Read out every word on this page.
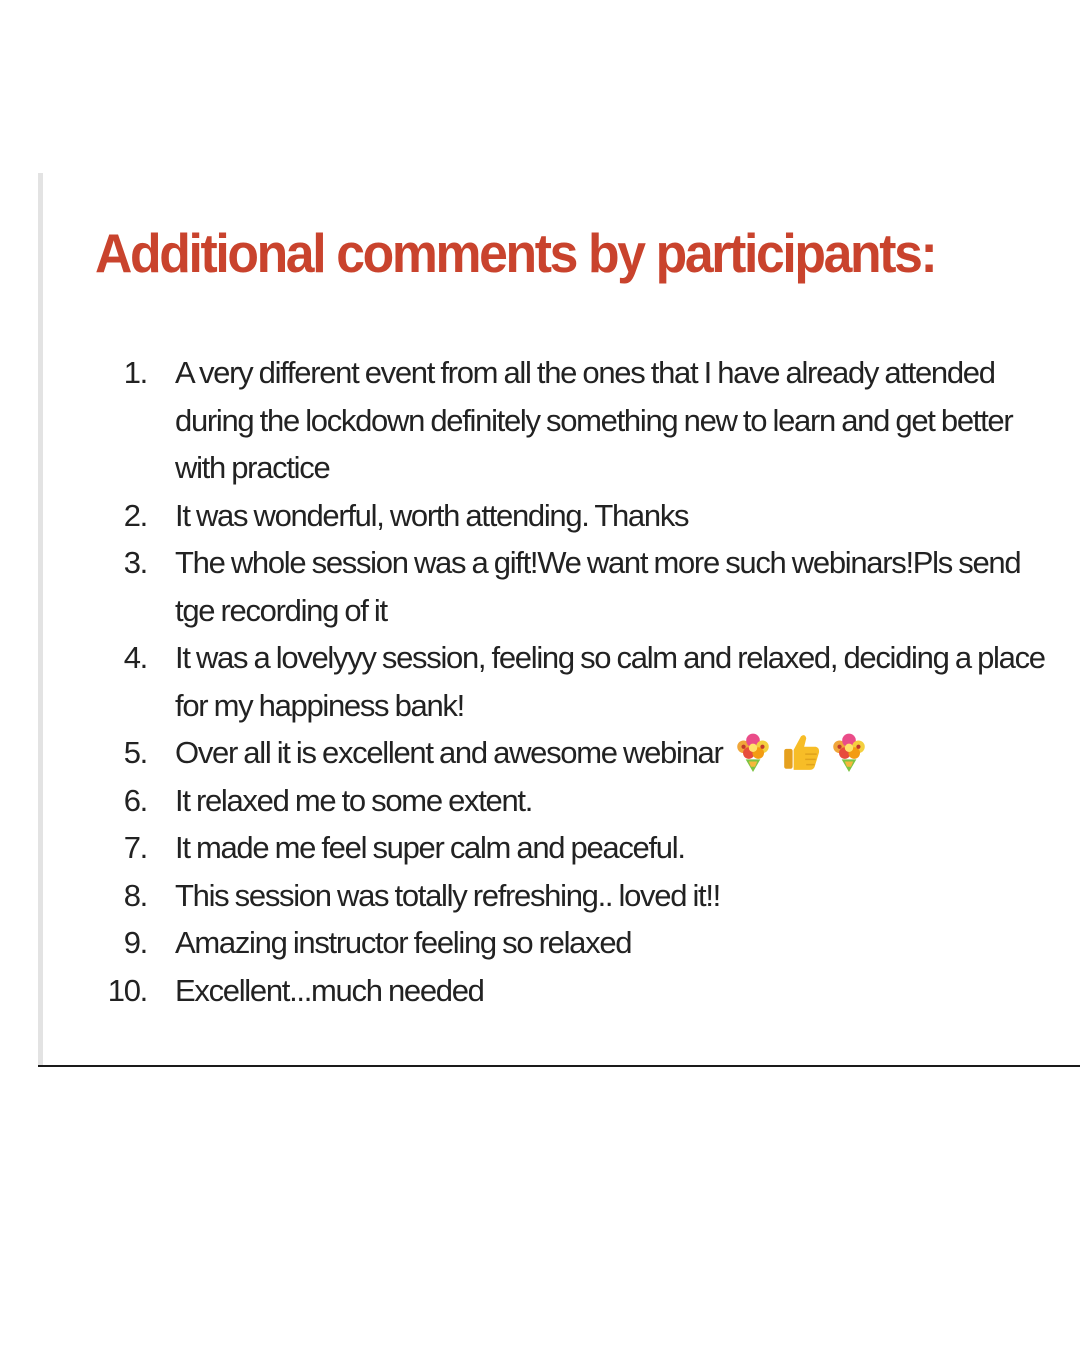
Additional comments by participants:
1. A very different event from all the ones that I have already attended during the lockdown definitely something new to learn and get better with practice
2. It was wonderful, worth attending. Thanks
3. The whole session was a gift!We want more such webinars!Pls send tge recording of it
4. It was a lovelyyy session, feeling so calm and relaxed, deciding a place for my happiness bank!
5. Over all it is excellent and awesome webinar
6. It relaxed me to some extent.
7. It made me feel super calm and peaceful.
8. This session was totally refreshing.. loved it!!
9. Amazing instructor feeling so relaxed
10. Excellent...much needed
